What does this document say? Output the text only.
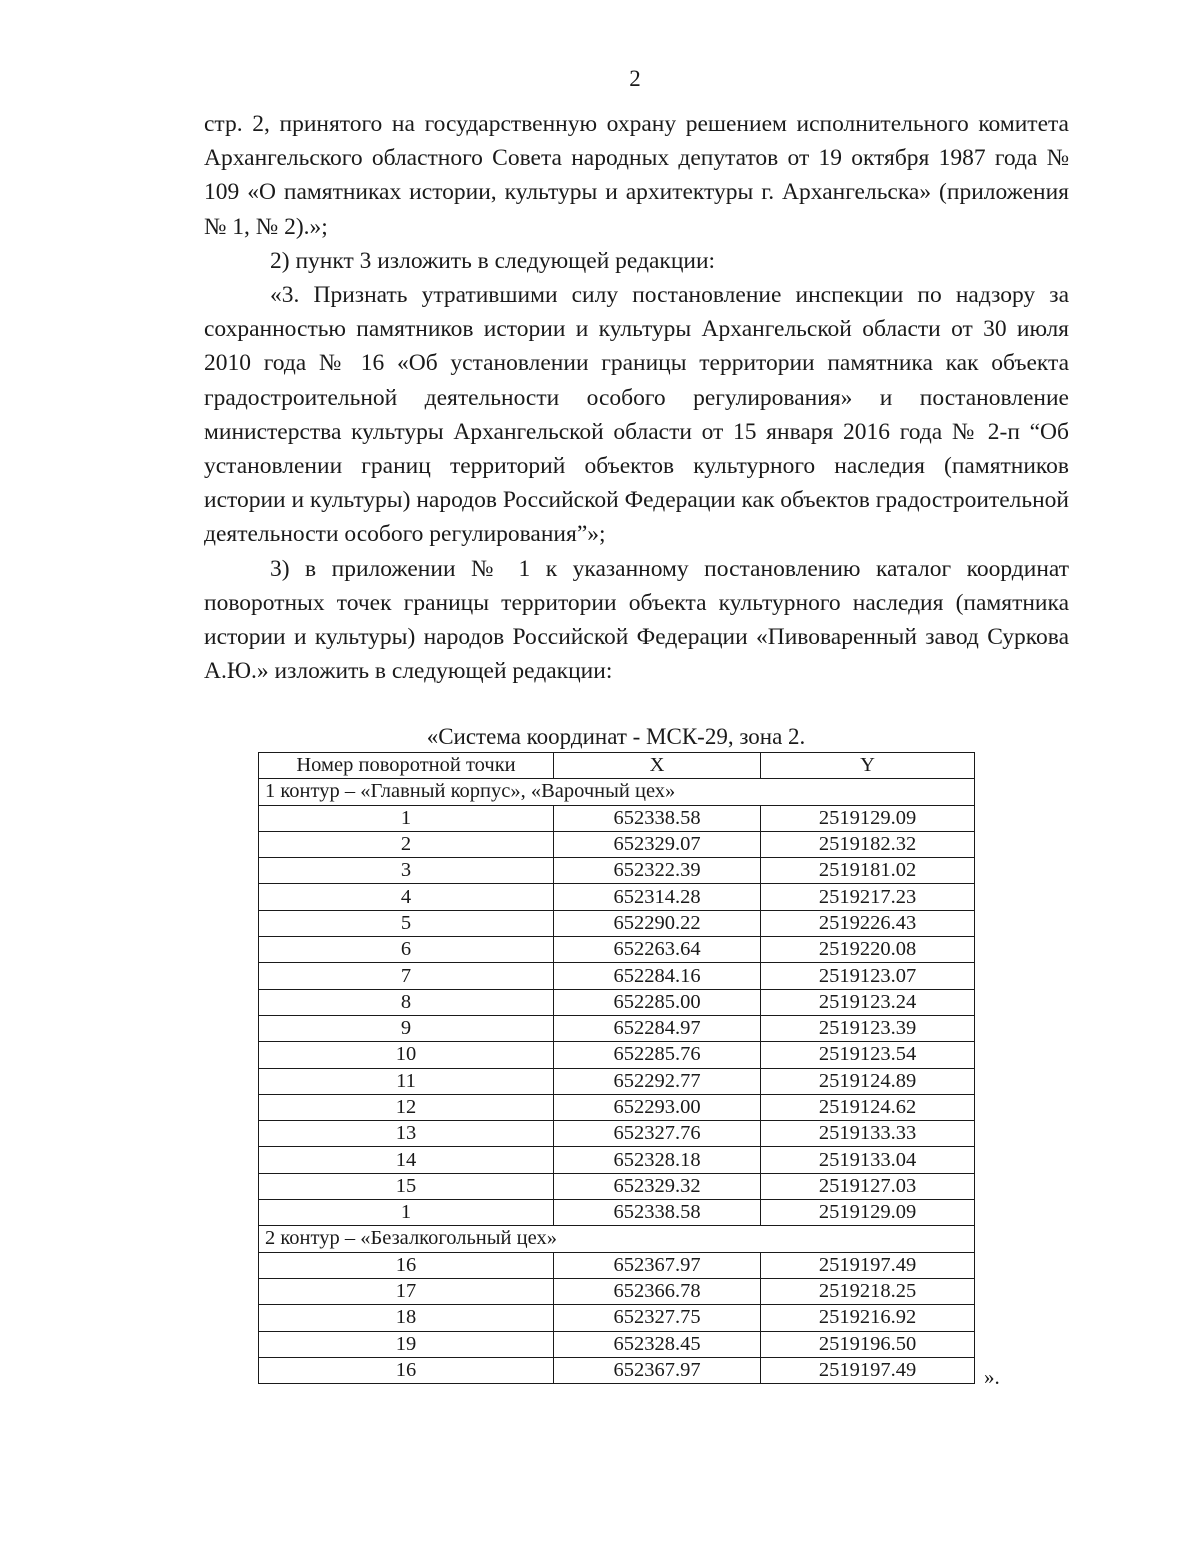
2

стр. 2, принятого на государственную охрану решением исполнительного комитета Архангельского областного Совета народных депутатов от 19 октября 1987 года № 109 «О памятниках истории, культуры и архитектуры г. Архангельска» (приложения № 1, № 2).»;

2) пункт 3 изложить в следующей редакции:

«3. Признать утратившими силу постановление инспекции по надзору за сохранностью памятников истории и культуры Архангельской области от 30 июля 2010 года № 16 «Об установлении границы территории памятника как объекта градостроительной деятельности особого регулирования» и постановление министерства культуры Архангельской области от 15 января 2016 года № 2-п “Об установлении границ территорий объектов культурного наследия (памятников истории и культуры) народов Российской Федерации как объектов градостроительной деятельности особого регулирования”»;

3) в приложении № 1 к указанному постановлению каталог координат поворотных точек границы территории объекта культурного наследия (памятника истории и культуры) народов Российской Федерации «Пивоваренный завод Суркова А.Ю.» изложить в следующей редакции:

«Система координат - МСК-29, зона 2.
Номер поворотной точки	X	Y
1 контур – «Главный корпус», «Варочный цех»		
1	652338.58	2519129.09
2	652329.07	2519182.32
3	652322.39	2519181.02
4	652314.28	2519217.23
5	652290.22	2519226.43
6	652263.64	2519220.08
7	652284.16	2519123.07
8	652285.00	2519123.24
9	652284.97	2519123.39
10	652285.76	2519123.54
11	652292.77	2519124.89
12	652293.00	2519124.62
13	652327.76	2519133.33
14	652328.18	2519133.04
15	652329.32	2519127.03
1	652338.58	2519129.09
2 контур – «Безалкогольный цех»		
16	652367.97	2519197.49
17	652366.78	2519218.25
18	652327.75	2519216.92
19	652328.45	2519196.50
16	652367.97	2519197.49	».
